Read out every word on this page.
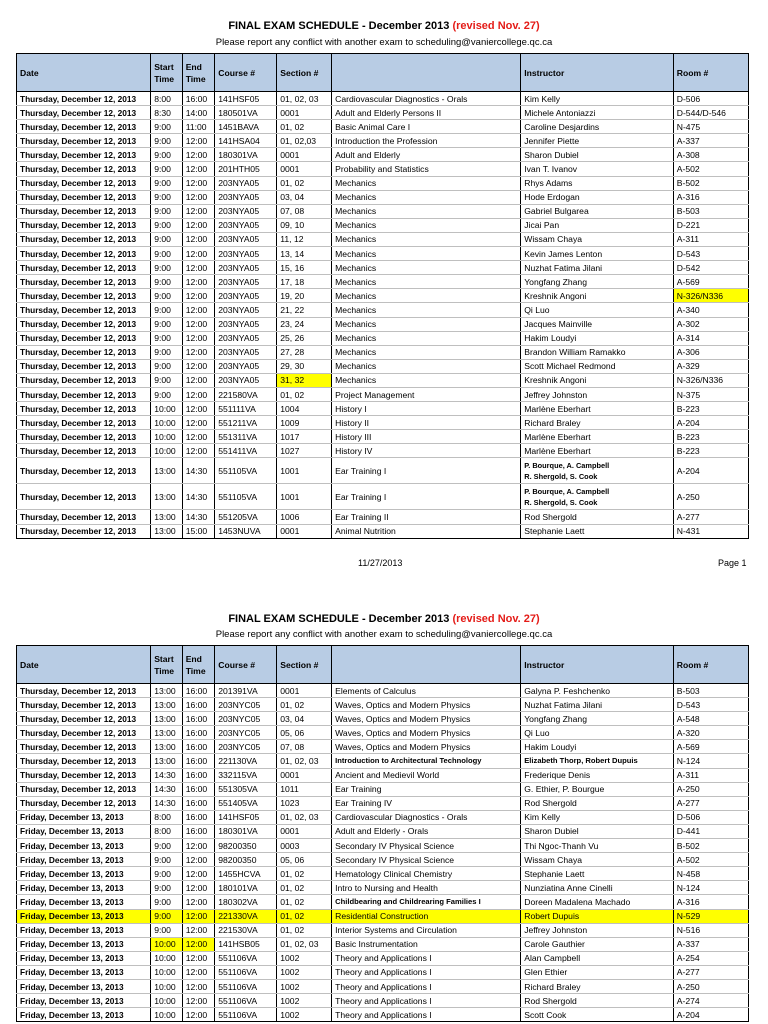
FINAL EXAM SCHEDULE - December 2013 (revised Nov. 27)
Please report any conflict with another exam to scheduling@vaniercollege.qc.ca
Date	Start Time	End Time	Course #	Section #		Instructor	Room #
Thursday, December 12, 2013	8:00	16:00	141HSF05	01, 02, 03	Cardiovascular Diagnostics - Orals	Kim Kelly	D-506
Thursday, December 12, 2013	8:30	14:00	180501VA	0001	Adult and Elderly Persons II	Michele Antoniazzi	D-544/D-546
Thursday, December 12, 2013	9:00	11:00	1451BAVA	01, 02	Basic Animal Care I	Caroline Desjardins	N-475
Thursday, December 12, 2013	9:00	12:00	141HSA04	01, 02,03	Introduction the Profession	Jennifer Piette	A-337
Thursday, December 12, 2013	9:00	12:00	180301VA	0001	Adult and Elderly	Sharon Dubiel	A-308
Thursday, December 12, 2013	9:00	12:00	201HTH05	0001	Probability and Statistics	Ivan T. Ivanov	A-502
Thursday, December 12, 2013	9:00	12:00	203NYA05	01, 02	Mechanics	Rhys Adams	B-502
Thursday, December 12, 2013	9:00	12:00	203NYA05	03, 04	Mechanics	Hode Erdogan	A-316
Thursday, December 12, 2013	9:00	12:00	203NYA05	07, 08	Mechanics	Gabriel Bulgarea	B-503
Thursday, December 12, 2013	9:00	12:00	203NYA05	09, 10	Mechanics	Jicai Pan	D-221
Thursday, December 12, 2013	9:00	12:00	203NYA05	11, 12	Mechanics	Wissam Chaya	A-311
Thursday, December 12, 2013	9:00	12:00	203NYA05	13, 14	Mechanics	Kevin James Lenton	D-543
Thursday, December 12, 2013	9:00	12:00	203NYA05	15, 16	Mechanics	Nuzhat Fatima Jilani	D-542
Thursday, December 12, 2013	9:00	12:00	203NYA05	17, 18	Mechanics	Yongfang Zhang	A-569
Thursday, December 12, 2013	9:00	12:00	203NYA05	19, 20	Mechanics	Kreshnik Angoni	N-326/N336
Thursday, December 12, 2013	9:00	12:00	203NYA05	21, 22	Mechanics	Qi Luo	A-340
Thursday, December 12, 2013	9:00	12:00	203NYA05	23, 24	Mechanics	Jacques Mainville	A-302
Thursday, December 12, 2013	9:00	12:00	203NYA05	25, 26	Mechanics	Hakim Loudyi	A-314
Thursday, December 12, 2013	9:00	12:00	203NYA05	27, 28	Mechanics	Brandon William Ramakko	A-306
Thursday, December 12, 2013	9:00	12:00	203NYA05	29, 30	Mechanics	Scott Michael Redmond	A-329
Thursday, December 12, 2013	9:00	12:00	203NYA05	31, 32	Mechanics	Kreshnik Angoni	N-326/N336
Thursday, December 12, 2013	9:00	12:00	221580VA	01, 02	Project Management	Jeffrey Johnston	N-375
Thursday, December 12, 2013	10:00	12:00	551111VA	1004	History I	Marlène Eberhart	B-223
Thursday, December 12, 2013	10:00	12:00	551211VA	1009	History II	Richard Braley	A-204
Thursday, December 12, 2013	10:00	12:00	551311VA	1017	History III	Marlène Eberhart	B-223
Thursday, December 12, 2013	10:00	12:00	551411VA	1027	History IV	Marlène Eberhart	B-223
Thursday, December 12, 2013	13:00	14:30	551105VA	1001	Ear Training I	P. Bourque, A. Campbell
R. Shergold, S. Cook	A-204
Thursday, December 12, 2013	13:00	14:30	551105VA	1001	Ear Training I	P. Bourque, A. Campbell
R. Shergold, S. Cook	A-250
Thursday, December 12, 2013	13:00	14:30	551205VA	1006	Ear Training II	Rod Shergold	A-277
Thursday, December 12, 2013	13:00	15:00	1453NUVA	0001	Animal Nutrition	Stephanie Laett	N-431
11/27/2013	Page 1
FINAL EXAM SCHEDULE - December 2013 (revised Nov. 27)
Please report any conflict with another exam to scheduling@vaniercollege.qc.ca
Date	Start Time	End Time	Course #	Section #		Instructor	Room #
Thursday, December 12, 2013	13:00	16:00	201391VA	0001	Elements of Calculus	Galyna P. Feshchenko	B-503
Thursday, December 12, 2013	13:00	16:00	203NYC05	01, 02	Waves, Optics and Modern Physics	Nuzhat Fatima Jilani	D-543
Thursday, December 12, 2013	13:00	16:00	203NYC05	03, 04	Waves, Optics and Modern Physics	Yongfang Zhang	A-548
Thursday, December 12, 2013	13:00	16:00	203NYC05	05, 06	Waves, Optics and Modern Physics	Qi Luo	A-320
Thursday, December 12, 2013	13:00	16:00	203NYC05	07, 08	Waves, Optics and Modern Physics	Hakim Loudyi	A-569
Thursday, December 12, 2013	13:00	16:00	221130VA	01, 02, 03	Introduction to Architectural Technology	Elizabeth Thorp, Robert Dupuis	N-124
Thursday, December 12, 2013	14:30	16:00	332115VA	0001	Ancient and Medievil World	Frederique Denis	A-311
Thursday, December 12, 2013	14:30	16:00	551305VA	1011	Ear Training	G. Ethier, P. Bourgue	A-250
Thursday, December 12, 2013	14:30	16:00	551405VA	1023	Ear Training IV	Rod Shergold	A-277
Friday, December 13, 2013	8:00	16:00	141HSF05	01, 02, 03	Cardiovascular Diagnostics - Orals	Kim Kelly	D-506
Friday, December 13, 2013	8:00	16:00	180301VA	0001	Adult and Elderly - Orals	Sharon Dubiel	D-441
Friday, December 13, 2013	9:00	12:00	98200350	0003	Secondary IV Physical Science	Thi Ngoc-Thanh Vu	B-502
Friday, December 13, 2013	9:00	12:00	98200350	05, 06	Secondary IV Physical Science	Wissam Chaya	A-502
Friday, December 13, 2013	9:00	12:00	1455HCVA	01, 02	Hematology Clinical Chemistry	Stephanie Laett	N-458
Friday, December 13, 2013	9:00	12:00	180101VA	01, 02	Intro to Nursing and Health	Nunziatina Anne Cinelli	N-124
Friday, December 13, 2013	9:00	12:00	180302VA	01, 02	Childbearing and Childrearing Families I	Doreen Madalena Machado	A-316
Friday, December 13, 2013	9:00	12:00	221330VA	01, 02	Residential Construction	Robert Dupuis	N-529
Friday, December 13, 2013	9:00	12:00	221530VA	01, 02	Interior Systems and Circulation	Jeffrey Johnston	N-516
Friday, December 13, 2013	10:00	12:00	141HSB05	01, 02, 03	Basic Instrumentation	Carole Gauthier	A-337
Friday, December 13, 2013	10:00	12:00	551106VA	1002	Theory and Applications I	Alan Campbell	A-254
Friday, December 13, 2013	10:00	12:00	551106VA	1002	Theory and Applications I	Glen Ethier	A-277
Friday, December 13, 2013	10:00	12:00	551106VA	1002	Theory and Applications I	Richard Braley	A-250
Friday, December 13, 2013	10:00	12:00	551106VA	1002	Theory and Applications I	Rod Shergold	A-274
Friday, December 13, 2013	10:00	12:00	551106VA	1002	Theory and Applications I	Scott Cook	A-204
